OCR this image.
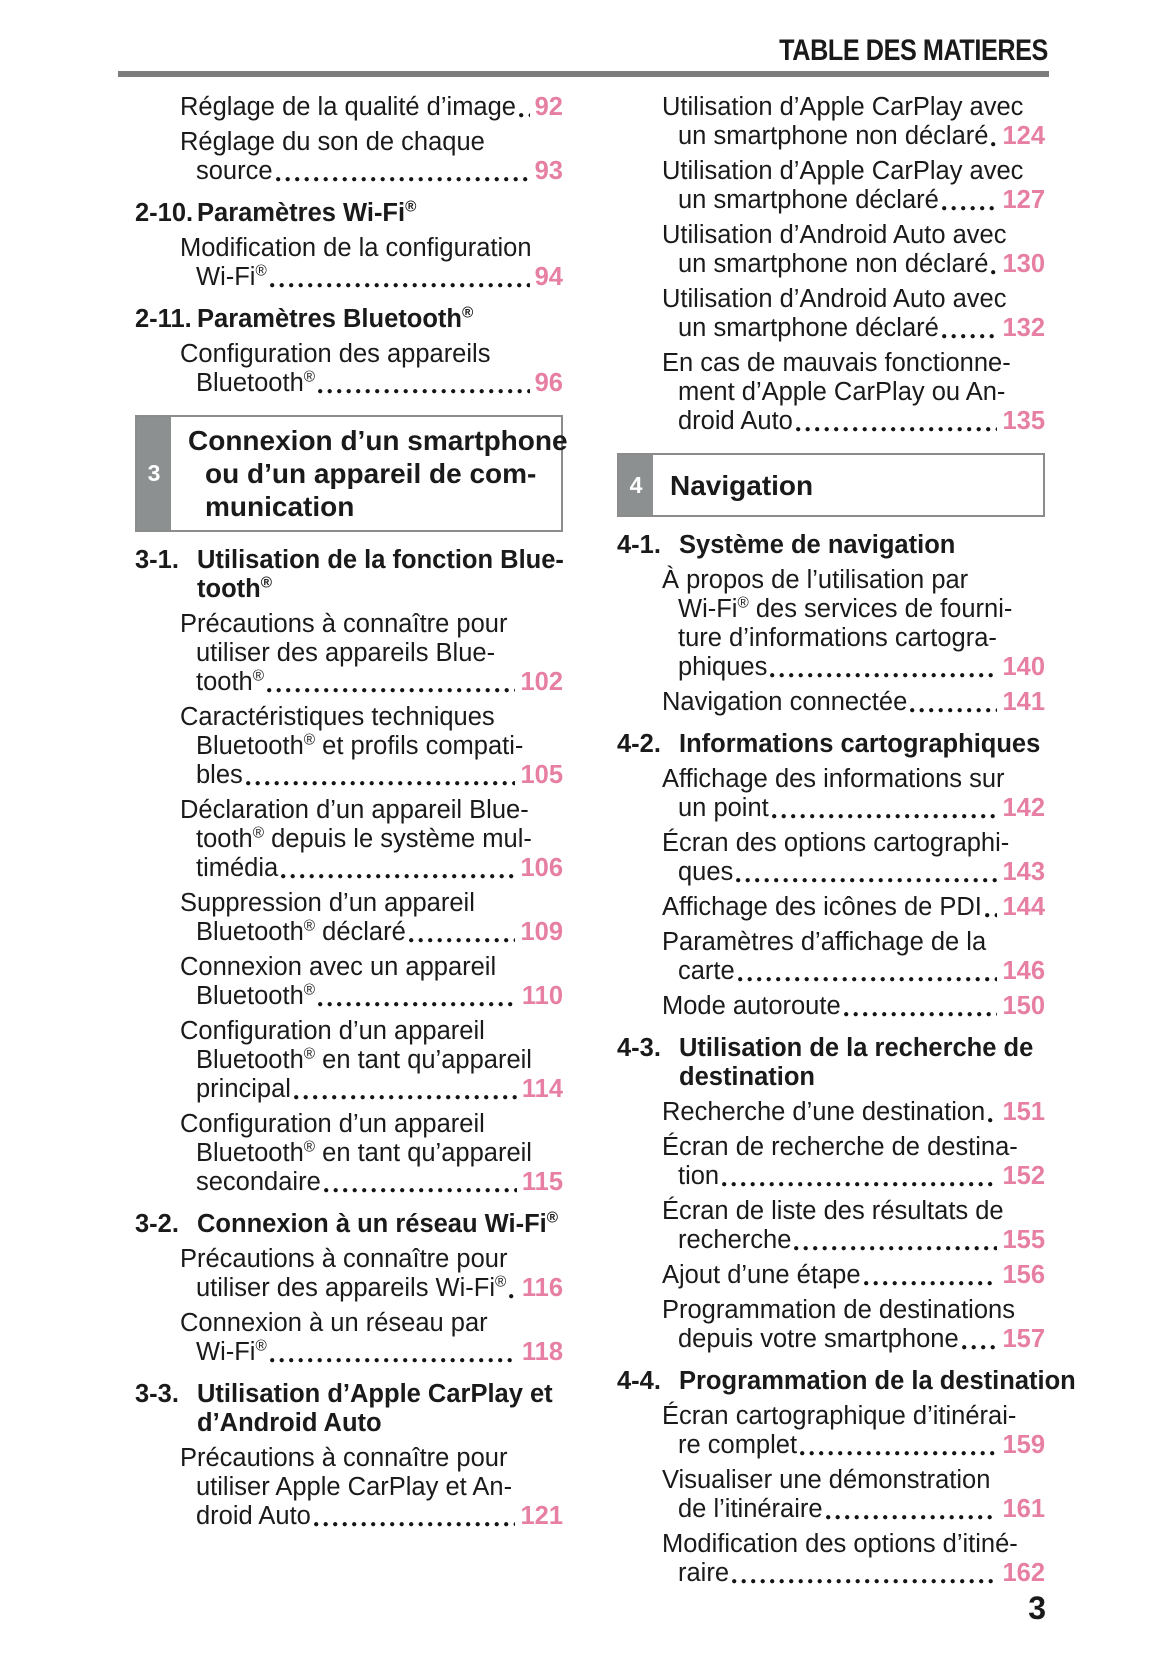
TABLE DES MATIERES
Réglage de la qualité d’image 92
Réglage du son de chaque
source	93
2-10. Paramètres Wi-Fi®
Modification de la configuration
Wi-Fi®	94
2-11. Paramètres Bluetooth®
Configuration des appareils
Bluetooth®	96
3
Connexion d’un smartphone
ou d’un appareil de com-
munication
3-1. Utilisation de la fonction Blue-
tooth®
Précautions à connaître pour
utiliser des appareils Blue-
tooth®	102
Caractéristiques techniques
Bluetooth® et profils compati-
bles	105
Déclaration d’un appareil Blue-
tooth® depuis le système mul-
timédia	106
Suppression d’un appareil
Bluetooth® déclaré	109
Connexion avec un appareil
Bluetooth®	110
Configuration d’un appareil
Bluetooth® en tant qu’appareil
principal	114
Configuration d’un appareil
Bluetooth® en tant qu’appareil
secondaire	115
3-2. Connexion à un réseau Wi-Fi®
Précautions à connaître pour
utiliser des appareils Wi-Fi® 116
Connexion à un réseau par
Wi-Fi®	118
3-3. Utilisation d’Apple CarPlay et
d’Android Auto
Précautions à connaître pour
utiliser Apple CarPlay et An-
droid Auto	121
Utilisation d’Apple CarPlay avec
un smartphone non déclaré 124
Utilisation d’Apple CarPlay avec
un smartphone déclaré 127
Utilisation d’Android Auto avec
un smartphone non déclaré 130
Utilisation d’Android Auto avec
un smartphone déclaré 132
En cas de mauvais fonctionne-
ment d’Apple CarPlay ou An-
droid Auto	135
4 Navigation
4-1. Système de navigation
À propos de l’utilisation par
Wi-Fi® des services de fourni-
ture d’informations cartogra-
phiques	140
Navigation connectée	141
4-2. Informations cartographiques
Affichage des informations sur
un point	142
Écran des options cartographi-
ques	143
Affichage des icônes de PDI 144
Paramètres d’affichage de la
carte	146
Mode autoroute	150
4-3. Utilisation de la recherche de
destination
Recherche d’une destination 151
Écran de recherche de destina-
tion	152
Écran de liste des résultats de
recherche	155
Ajout d’une étape	156
Programmation de destinations
depuis votre smartphone 157
4-4. Programmation de la destination
Écran cartographique d’itinérai-
re complet	159
Visualiser une démonstration
de l’itinéraire	161
Modification des options d’itiné-
raire	162
3
